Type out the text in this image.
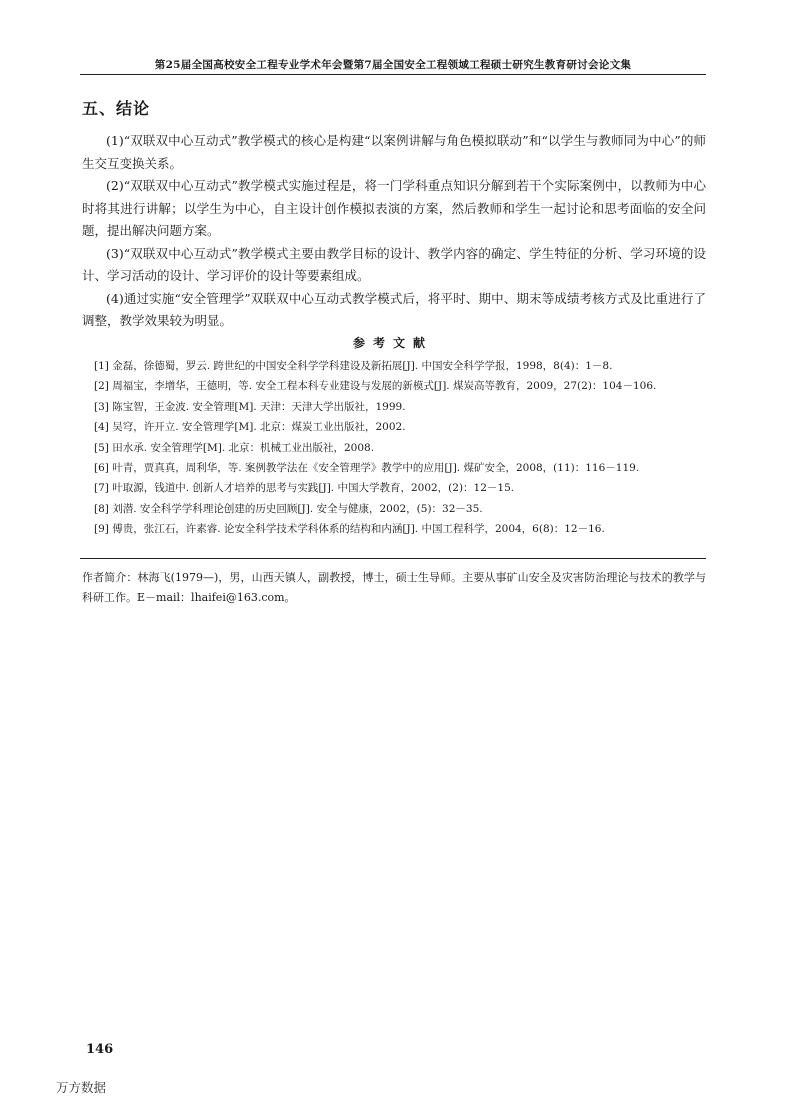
第25届全国高校安全工程专业学术年会暨第7届全国安全工程领域工程硕士研究生教育研讨会论文集
五、结论

(1)“双联双中心互动式”教学模式的核心是构建“以案例讲解与角色模拟联动”和“以学生与教师同为中心”的师生交互变换关系。

(2)“双联双中心互动式”教学模式实施过程是，将一门学科重点知识分解到若干个实际案例中，以教师为中心时将其进行讲解；以学生为中心，自主设计创作模拟表演的方案，然后教师和学生一起讨论和思考面临的安全问题，提出解决问题方案。

(3)“双联双中心互动式”教学模式主要由教学目标的设计、教学内容的确定、学生特征的分析、学习环境的设计、学习活动的设计、学习评价的设计等要素组成。

(4)通过实施“安全管理学”双联双中心互动式教学模式后，将平时、期中、期末等成绩考核方式及比重进行了调整，教学效果较为明显。

参考文献
[1] 金磊，徐德蜀，罗云. 跨世纪的中国安全科学学科建设及新拓展[J]. 中国安全科学学报，1998，8(4)：1－8.
[2] 周福宝，李增华，王德明，等. 安全工程本科专业建设与发展的新模式[J]. 煤炭高等教育，2009，27(2)：104－106.
[3] 陈宝智，王金波. 安全管理[M]. 天津：天津大学出版社，1999.
[4] 吴穹，许开立. 安全管理学[M]. 北京：煤炭工业出版社，2002.
[5] 田水承. 安全管理学[M]. 北京：机械工业出版社，2008.
[6] 叶青，贾真真，周利华，等. 案例教学法在《安全管理学》教学中的应用[J]. 煤矿安全，2008，(11)：116－119.
[7] 叶取源，钱道中. 创新人才培养的思考与实践[J]. 中国大学教育，2002，(2)：12－15.
[8] 刘潜. 安全科学学科理论创建的历史回顾[J]. 安全与健康，2002，(5)：32－35.
[9] 傅贵，张江石，许素睿. 论安全科学技术学科体系的结构和内涵[J]. 中国工程科学，2004，6(8)：12－16.
作者简介：林海飞(1979—)，男，山西天镇人，副教授，博士，硕士生导师。主要从事矿山安全及灾害防治理论与技术的教学与科研工作。E－mail：lhaifei@163.com。
146
万方数据
